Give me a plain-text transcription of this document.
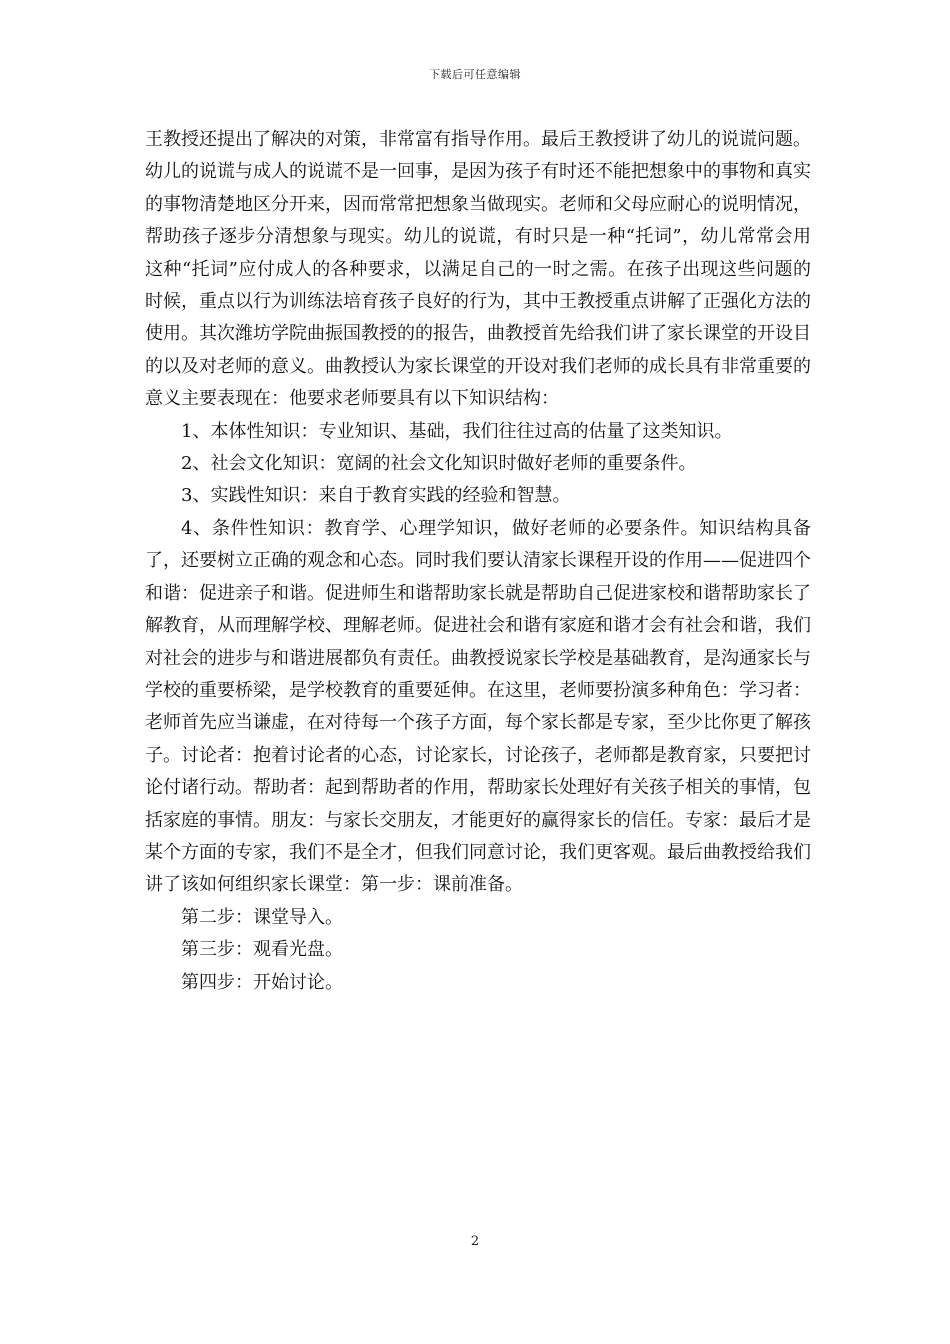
下载后可任意编辑

王教授还提出了解决的对策，非常富有指导作用。最后王教授讲了幼儿的说谎问题。幼儿的说谎与成人的说谎不是一回事，是因为孩子有时还不能把想象中的事物和真实的事物清楚地区分开来，因而常常把想象当做现实。老师和父母应耐心的说明情况，帮助孩子逐步分清想象与现实。幼儿的说谎，有时只是一种“托词”，幼儿常常会用这种“托词”应付成人的各种要求，以满足自己的一时之需。在孩子出现这些问题的时候，重点以行为训练法培育孩子良好的行为，其中王教授重点讲解了正强化方法的使用。其次潍坊学院曲振国教授的的报告，曲教授首先给我们讲了家长课堂的开设目的以及对老师的意义。曲教授认为家长课堂的开设对我们老师的成长具有非常重要的意义主要表现在：他要求老师要具有以下知识结构：

1、本体性知识：专业知识、基础，我们往往过高的估量了这类知识。

2、社会文化知识：宽阔的社会文化知识时做好老师的重要条件。

3、实践性知识：来自于教育实践的经验和智慧。

4、条件性知识：教育学、心理学知识，做好老师的必要条件。知识结构具备了，还要树立正确的观念和心态。同时我们要认清家长课程开设的作用——促进四个和谐：促进亲子和谐。促进师生和谐帮助家长就是帮助自己促进家校和谐帮助家长了解教育，从而理解学校、理解老师。促进社会和谐有家庭和谐才会有社会和谐，我们对社会的进步与和谐进展都负有责任。曲教授说家长学校是基础教育，是沟通家长与学校的重要桥梁，是学校教育的重要延伸。在这里，老师要扮演多种角色：学习者：老师首先应当谦虚，在对待每一个孩子方面，每个家长都是专家，至少比你更了解孩子。讨论者：抱着讨论者的心态，讨论家长，讨论孩子，老师都是教育家，只要把讨论付诸行动。帮助者：起到帮助者的作用，帮助家长处理好有关孩子相关的事情，包括家庭的事情。朋友：与家长交朋友，才能更好的赢得家长的信任。专家：最后才是某个方面的专家，我们不是全才，但我们同意讨论，我们更客观。最后曲教授给我们讲了该如何组织家长课堂：第一步：课前准备。

第二步：课堂导入。

第三步：观看光盘。

第四步：开始讨论。

2
